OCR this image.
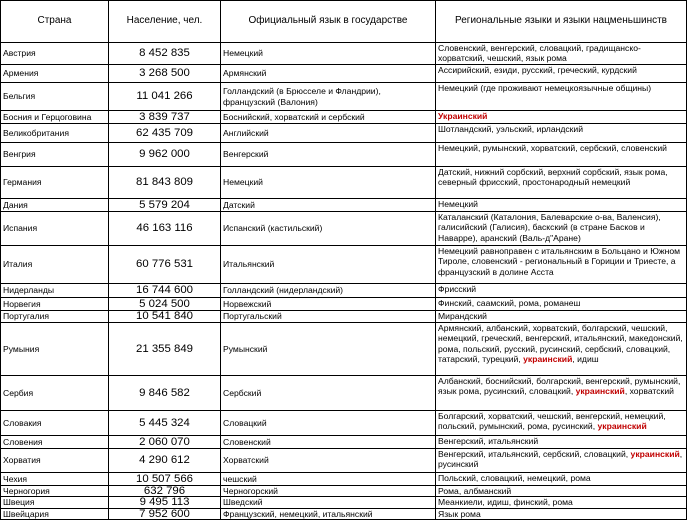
Страна	Население, чел.	Официальный язык в государстве	Региональные языки и языки нацменьшинств
Австрия	8 452 835	Немецкий	Словенский, венгерский, словацкий, градищанско-хорватский, чешский, язык рома
Армения	3 268 500	Армянский	Ассирийский, езиди, русский, греческий, курдский
Бельгия	11 041 266	Голландский (в Брюсселе и Фландрии), французский (Валония)	Немецкий (где проживают немецкоязычные общины)
Босния и Герцоговина	3 839 737	Боснийский, хорватский и сербский	Украинский
Великобритания	62 435 709	Английский	Шотландский, уэльский, ирландский
Венгрия	9 962 000	Венгерский	Немецкий, румынский, хорватский, сербский, словенский
Германия	81 843 809	Немецкий	Датский, нижний сорбский, верхний сорбский, язык рома, северный фрисский, простонародный немецкий
Дания	5 579 204	Датский	Немецкий
Испания	46 163 116	Испанский (кастильский)	Каталанский (Каталония, Балеварские о-ва, Валенсия), галисийский (Галисия), баскский (в стране Басков и Наварре), аранский (Валь-д"Аране)
Италия	60 776 531	Итальянский	Немецкий равноправен с итальянским в Больцано и Южном Тироле, словенский - региональный в Гориции и Триесте, а французский в долине Асста
Нидерланды	16 744 600	Голландский (нидерландский)	Фрисский
Норвегия	5 024 500	Норвежский	Финский, саамский, рома, романеш
Португалия	10 541 840	Португальский	Мирандский
Румыния	21 355 849	Румынский	Армянский, албанский, хорватский, болгарский, чешский, немецкий, греческий, венгерский, итальянский, македонский, рома, польский, русский, русинский, сербский, словацкий, татарский, турецкий, украинский, идиш
Сербия	9 846 582	Сербский	Албанский, боснийский, болгарский, венгерский, румынский, язык рома, русинский, словацкий, украинский, хорватский
Словакия	5 445 324	Словацкий	Болгарский, хорватский, чешский, венгерский, немецкий, польский, румынский, рома, русинский, украинский
Словения	2 060 070	Словенский	Венгерский, итальянский
Хорватия	4 290 612	Хорватский	Венгерский, итальянский, сербский, словацкий, украинский, русинский
Чехия	10 507 566	чешский	Польский, словацкий, немецкий, рома
Черногория	632 796	Черногорский	Рома, албманский
Швеция	9 495 113	Шведский	Меанкиели, идиш, финский, рома
Швейцария	7 952 600	Французский, немецкий, итальянский	Язык рома
